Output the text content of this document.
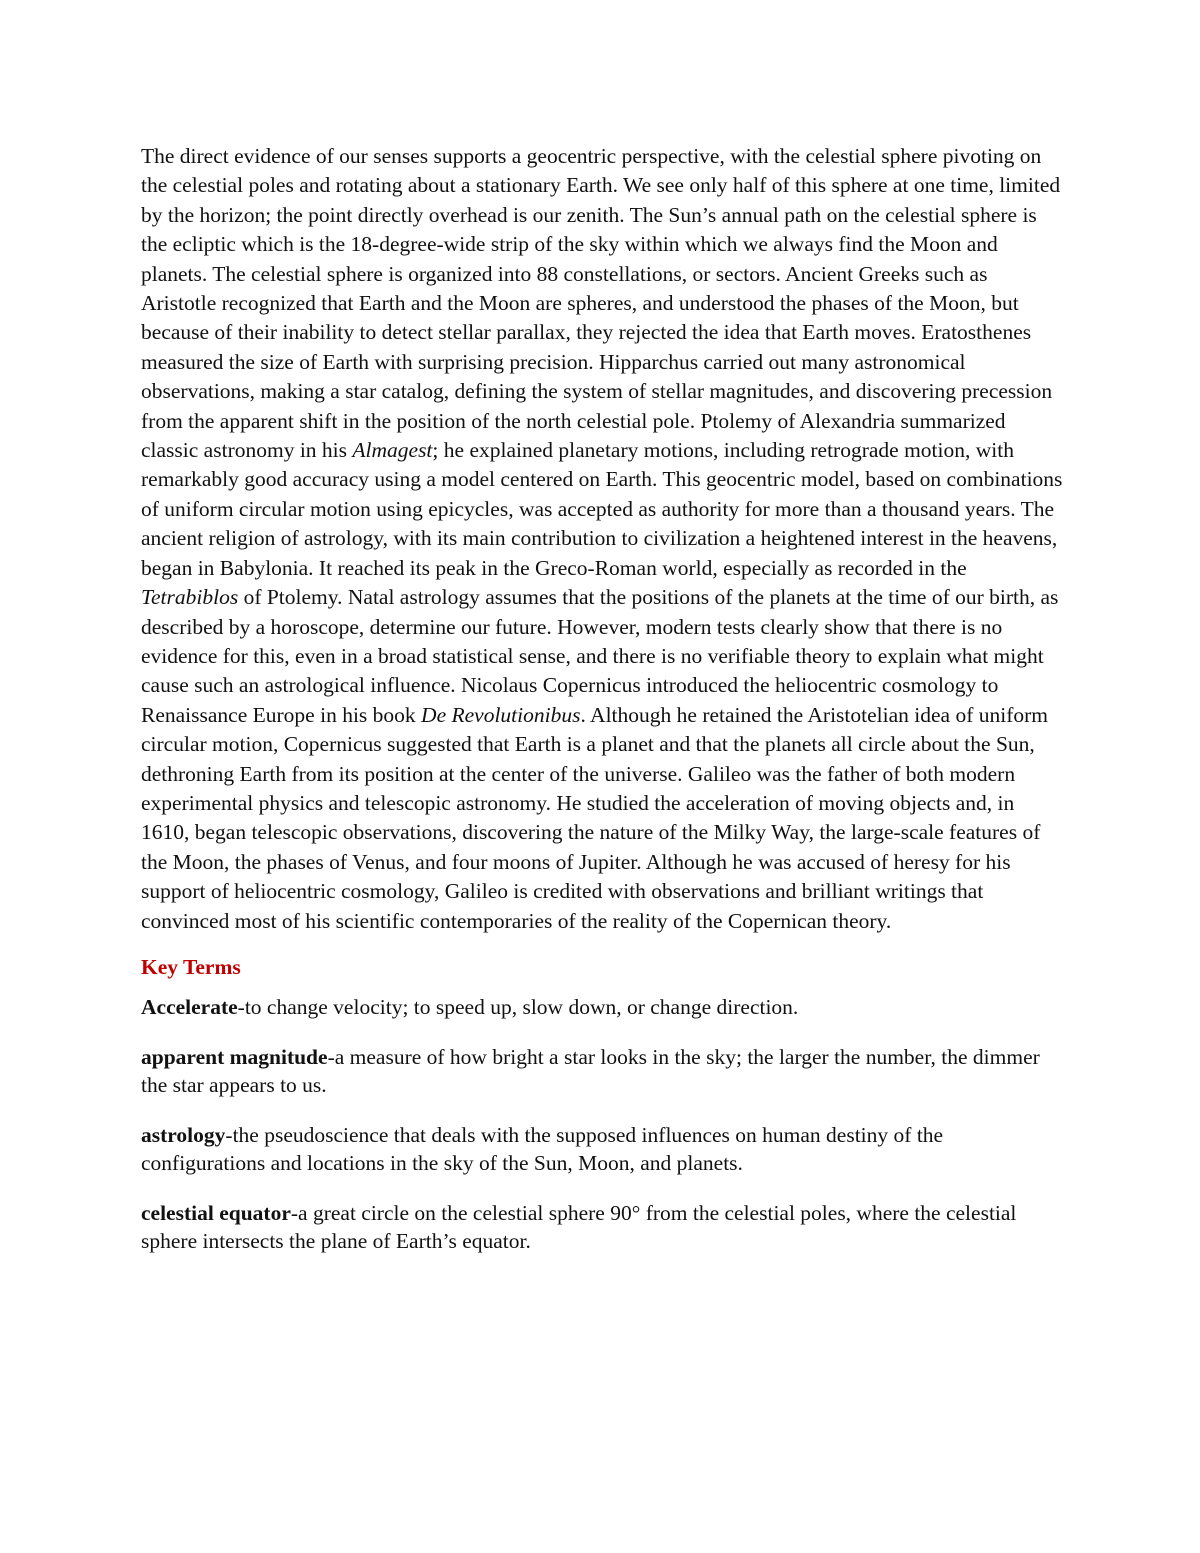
The direct evidence of our senses supports a geocentric perspective, with the celestial sphere pivoting on the celestial poles and rotating about a stationary Earth. We see only half of this sphere at one time, limited by the horizon; the point directly overhead is our zenith. The Sun’s annual path on the celestial sphere is the ecliptic which is the 18-degree-wide strip of the sky within which we always find the Moon and planets. The celestial sphere is organized into 88 constellations, or sectors. Ancient Greeks such as Aristotle recognized that Earth and the Moon are spheres, and understood the phases of the Moon, but because of their inability to detect stellar parallax, they rejected the idea that Earth moves. Eratosthenes measured the size of Earth with surprising precision. Hipparchus carried out many astronomical observations, making a star catalog, defining the system of stellar magnitudes, and discovering precession from the apparent shift in the position of the north celestial pole. Ptolemy of Alexandria summarized classic astronomy in his Almagest; he explained planetary motions, including retrograde motion, with remarkably good accuracy using a model centered on Earth. This geocentric model, based on combinations of uniform circular motion using epicycles, was accepted as authority for more than a thousand years. The ancient religion of astrology, with its main contribution to civilization a heightened interest in the heavens, began in Babylonia. It reached its peak in the Greco-Roman world, especially as recorded in the Tetrabiblos of Ptolemy. Natal astrology assumes that the positions of the planets at the time of our birth, as described by a horoscope, determine our future. However, modern tests clearly show that there is no evidence for this, even in a broad statistical sense, and there is no verifiable theory to explain what might cause such an astrological influence. Nicolaus Copernicus introduced the heliocentric cosmology to Renaissance Europe in his book De Revolutionibus. Although he retained the Aristotelian idea of uniform circular motion, Copernicus suggested that Earth is a planet and that the planets all circle about the Sun, dethroning Earth from its position at the center of the universe. Galileo was the father of both modern experimental physics and telescopic astronomy. He studied the acceleration of moving objects and, in 1610, began telescopic observations, discovering the nature of the Milky Way, the large-scale features of the Moon, the phases of Venus, and four moons of Jupiter. Although he was accused of heresy for his support of heliocentric cosmology, Galileo is credited with observations and brilliant writings that convinced most of his scientific contemporaries of the reality of the Copernican theory.

Key Terms

Accelerate-to change velocity; to speed up, slow down, or change direction.

apparent magnitude-a measure of how bright a star looks in the sky; the larger the number, the dimmer the star appears to us.

astrology-the pseudoscience that deals with the supposed influences on human destiny of the configurations and locations in the sky of the Sun, Moon, and planets.

celestial equator-a great circle on the celestial sphere 90° from the celestial poles, where the celestial sphere intersects the plane of Earth’s equator.
